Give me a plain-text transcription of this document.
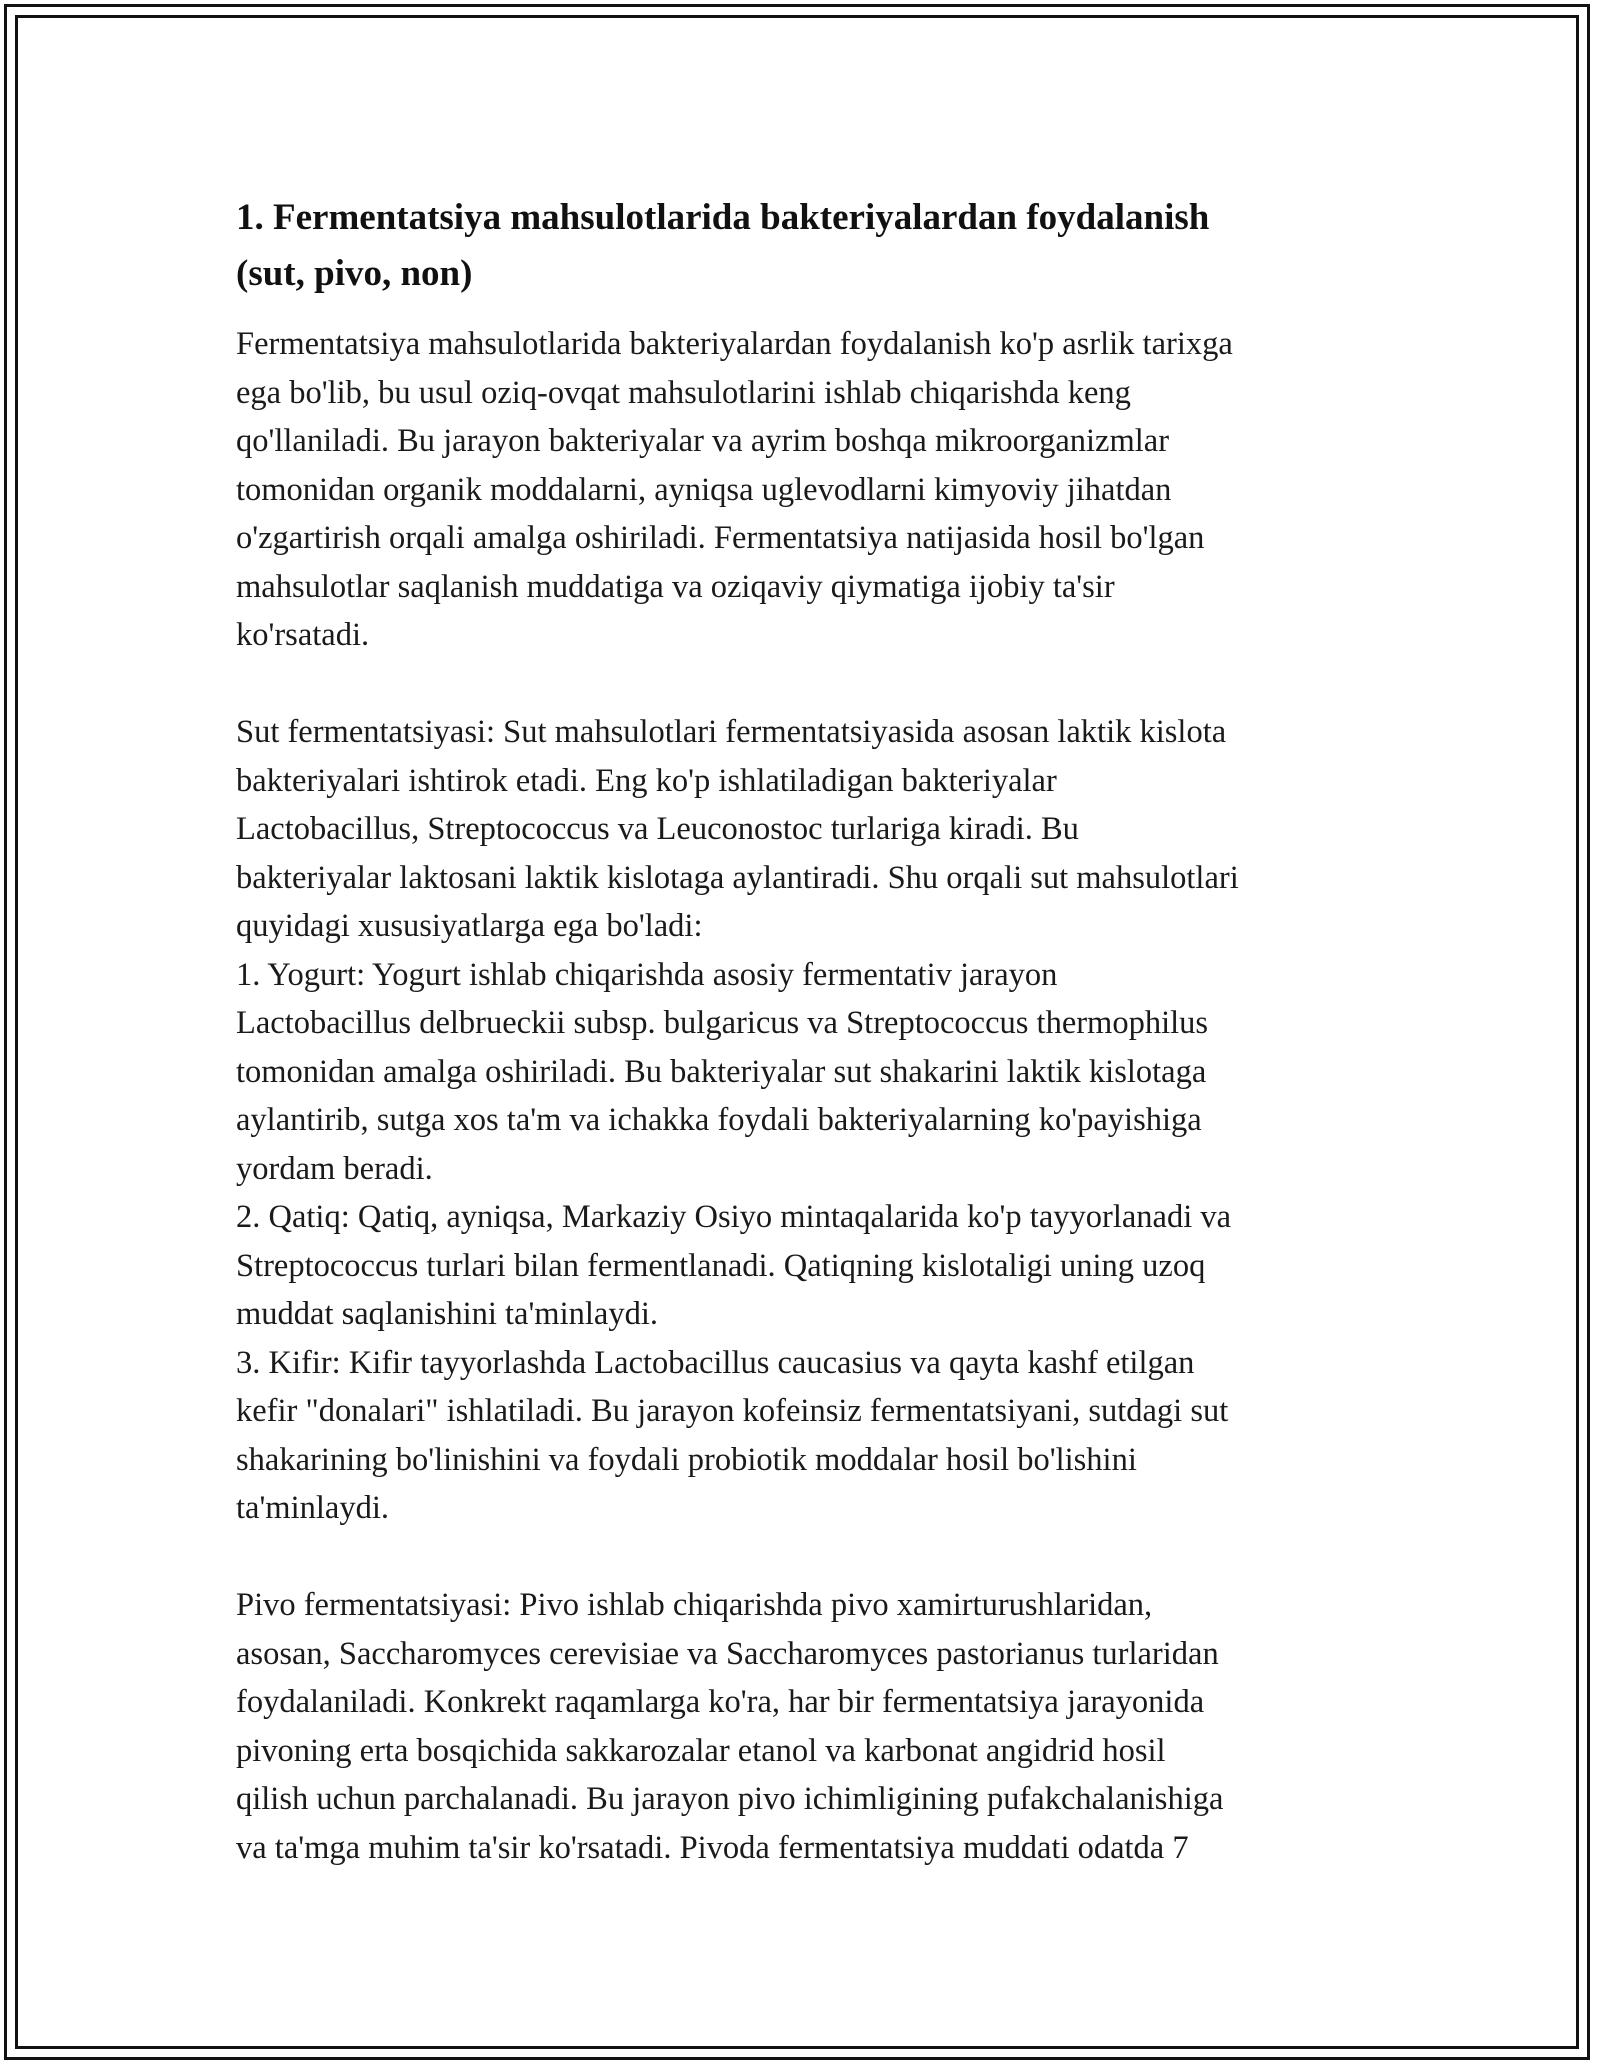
1. Fermentatsiya mahsulotlarida bakteriyalardan foydalanish
(sut, pivo, non)
Fermentatsiya mahsulotlarida bakteriyalardan foydalanish ko'p asrlik tarixga
ega bo'lib, bu usul oziq-ovqat mahsulotlarini ishlab chiqarishda keng
qo'llaniladi. Bu jarayon bakteriyalar va ayrim boshqa mikroorganizmlar
tomonidan organik moddalarni, ayniqsa uglevodlarni kimyoviy jihatdan
o'zgartirish orqali amalga oshiriladi. Fermentatsiya natijasida hosil bo'lgan
mahsulotlar saqlanish muddatiga va oziqaviy qiymatiga ijobiy ta'sir
ko'rsatadi.
Sut fermentatsiyasi: Sut mahsulotlari fermentatsiyasida asosan laktik kislota
bakteriyalari ishtirok etadi. Eng ko'p ishlatiladigan bakteriyalar
Lactobacillus, Streptococcus va Leuconostoc turlariga kiradi. Bu
bakteriyalar laktosani laktik kislotaga aylantiradi. Shu orqali sut mahsulotlari
quyidagi xususiyatlarga ega bo'ladi:
1. Yogurt: Yogurt ishlab chiqarishda asosiy fermentativ jarayon
Lactobacillus delbrueckii subsp. bulgaricus va Streptococcus thermophilus
tomonidan amalga oshiriladi. Bu bakteriyalar sut shakarini laktik kislotaga
aylantirib, sutga xos ta'm va ichakka foydali bakteriyalarning ko'payishiga
yordam beradi.
2. Qatiq: Qatiq, ayniqsa, Markaziy Osiyo mintaqalarida ko'p tayyorlanadi va
Streptococcus turlari bilan fermentlanadi. Qatiqning kislotaligi uning uzoq
muddat saqlanishini ta'minlaydi.
3. Kifir: Kifir tayyorlashda Lactobacillus caucasius va qayta kashf etilgan
kefir "donalari" ishlatiladi. Bu jarayon kofeinsiz fermentatsiyani, sutdagi sut
shakarining bo'linishini va foydali probiotik moddalar hosil bo'lishini
ta'minlaydi.
Pivo fermentatsiyasi: Pivo ishlab chiqarishda pivo xamirturushlaridan,
asosan, Saccharomyces cerevisiae va Saccharomyces pastorianus turlaridan
foydalaniladi. Konkrekt raqamlarga ko'ra, har bir fermentatsiya jarayonida
pivoning erta bosqichida sakkarozalar etanol va karbonat angidrid hosil
qilish uchun parchalanadi. Bu jarayon pivo ichimligining pufakchalanishiga
va ta'mga muhim ta'sir ko'rsatadi. Pivoda fermentatsiya muddati odatda 7
